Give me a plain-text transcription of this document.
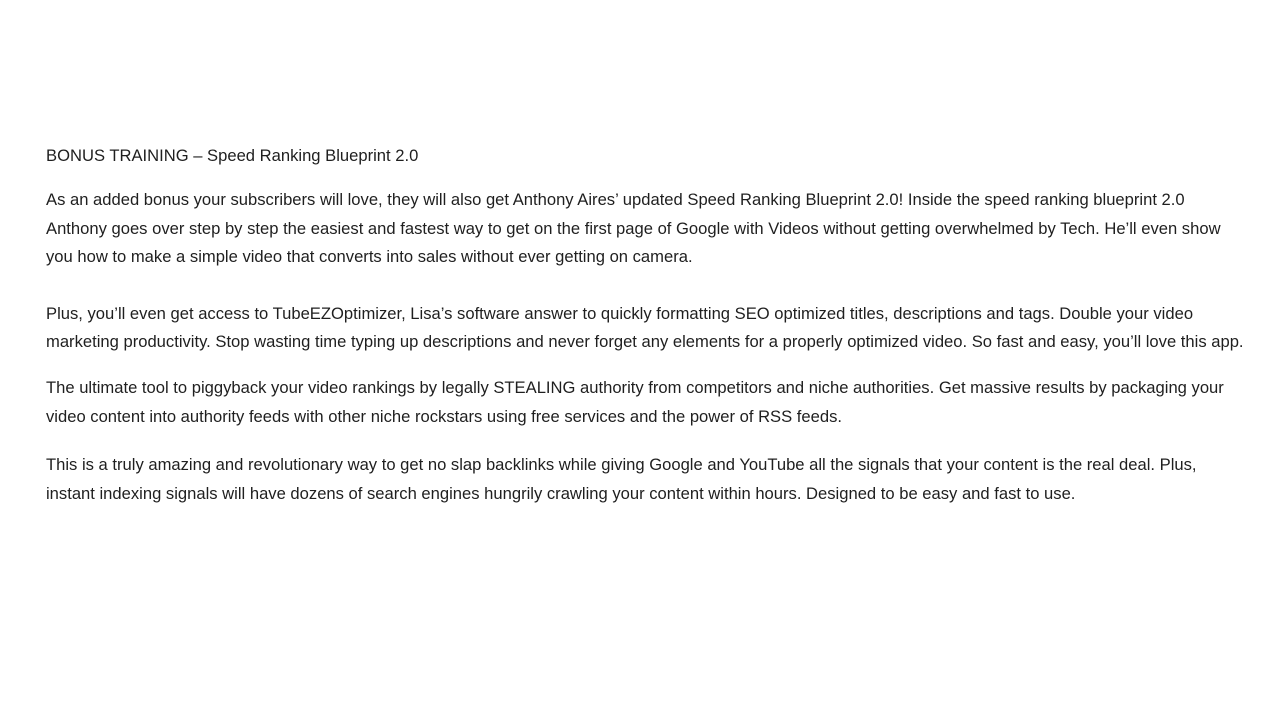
BONUS TRAINING – Speed Ranking Blueprint 2.0

As an added bonus your subscribers will love, they will also get Anthony Aires’ updated Speed Ranking Blueprint 2.0! Inside the speed ranking blueprint 2.0 Anthony goes over step by step the easiest and fastest way to get on the first page of Google with Videos without getting overwhelmed by Tech. He’ll even show you how to make a simple video that converts into sales without ever getting on camera.

Plus, you’ll even get access to TubeEZOptimizer, Lisa’s software answer to quickly formatting SEO optimized titles, descriptions and tags. Double your video marketing productivity. Stop wasting time typing up descriptions and never forget any elements for a properly optimized video. So fast and easy, you’ll love this app.

The ultimate tool to piggyback your video rankings by legally STEALING authority from competitors and niche authorities. Get massive results by packaging your video content into authority feeds with other niche rockstars using free services and the power of RSS feeds.

This is a truly amazing and revolutionary way to get no slap backlinks while giving Google and YouTube all the signals that your content is the real deal. Plus, instant indexing signals will have dozens of search engines hungrily crawling your content within hours. Designed to be easy and fast to use.
